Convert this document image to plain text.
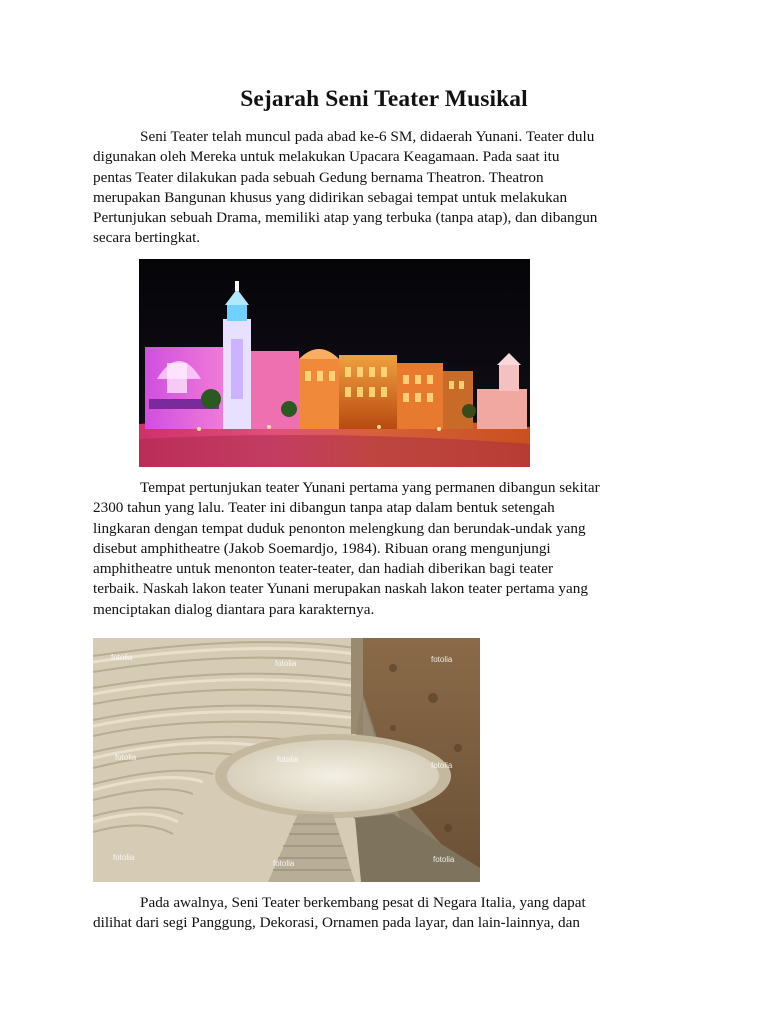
Sejarah Seni Teater Musikal

Seni Teater telah muncul pada abad ke-6 SM, didaerah Yunani. Teater dulu
digunakan oleh Mereka untuk melakukan Upacara Keagamaan. Pada saat itu
pentas Teater dilakukan pada sebuah Gedung bernama Theatron. Theatron
merupakan Bangunan khusus yang didirikan sebagai tempat untuk melakukan
Pertunjukan sebuah Drama, memiliki atap yang terbuka (tanpa atap), dan dibangun
secara bertingkat.

Tempat pertunjukan teater Yunani pertama yang permanen dibangun sekitar
2300 tahun yang lalu. Teater ini dibangun tanpa atap dalam bentuk setengah
lingkaran dengan tempat duduk penonton melengkung dan berundak-undak yang
disebut amphitheatre (Jakob Soemardjo, 1984). Ribuan orang mengunjungi
amphitheatre untuk menonton teater-teater, dan hadiah diberikan bagi teater
terbaik. Naskah lakon teater Yunani merupakan naskah lakon teater pertama yang
menciptakan dialog diantara para karakternya.

fotolia
fotolia	fotolia
fotolia	fotolia
fotolia
fotolia
fotolia	fotolia

Pada awalnya, Seni Teater berkembang pesat di Negara Italia, yang dapat
dilihat dari segi Panggung, Dekorasi, Ornamen pada layar, dan lain-lainnya, dan
